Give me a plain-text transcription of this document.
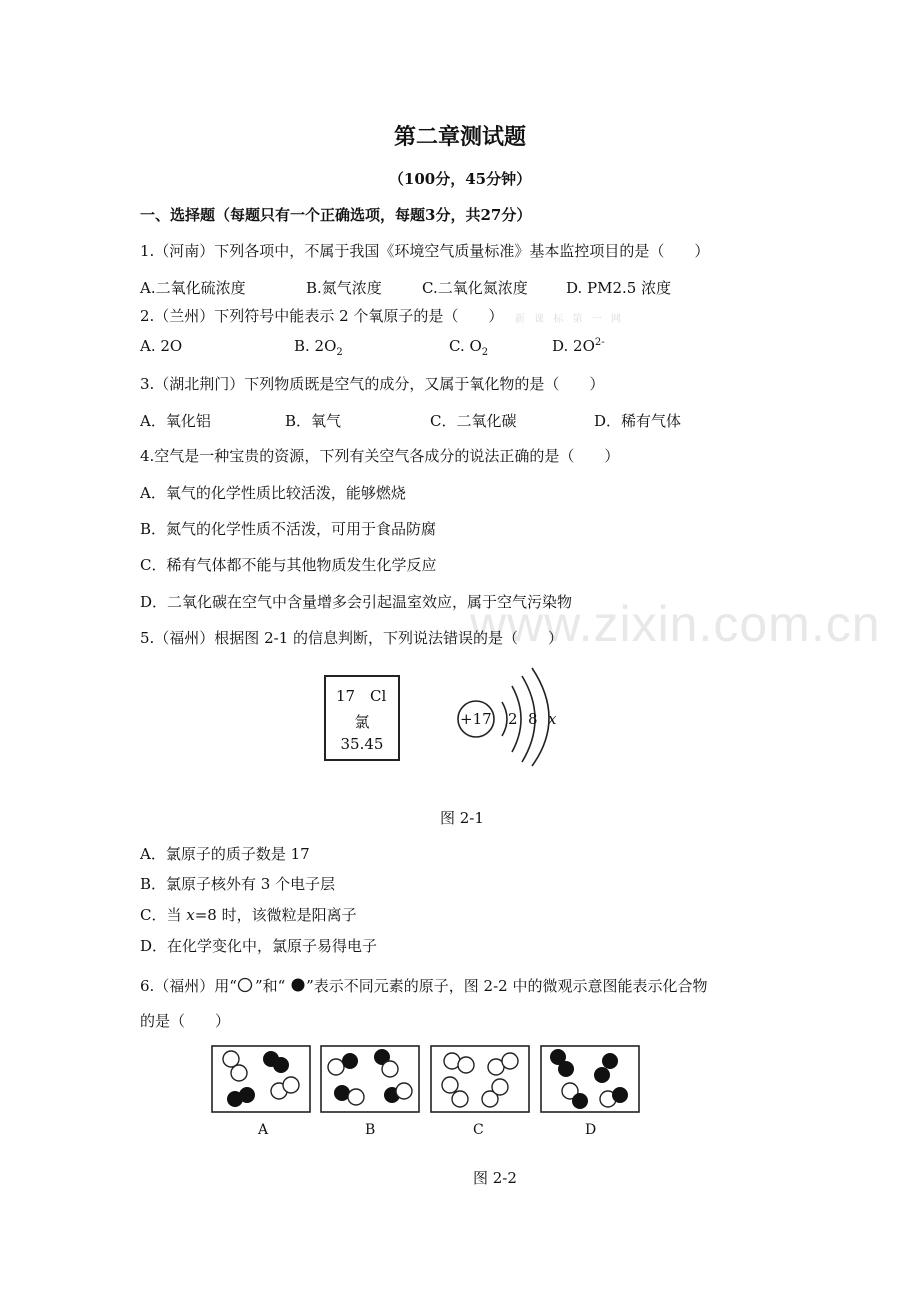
www.zixin.com.cn
新 课 标 第 一 网
第二章测试题
（100分，45分钟）
一、选择题（每题只有一个正确选项，每题3分，共27分）
1.（河南）下列各项中，不属于我国《环境空气质量标准》基本监控项目的是（　　）
A.二氧化硫浓度	B.氮气浓度	C.二氧化氮浓度	D. PM2.5 浓度
2.（兰州）下列符号中能表示 2 个氧原子的是（　　）
A. 2O	B. $2O_2$	C. $O_2$	D. $2O^{2-}$
3.（湖北荆门）下列物质既是空气的成分，又属于氧化物的是（　　）
A．氧化铝	B．氧气	C．二氧化碳	D．稀有气体
4.空气是一种宝贵的资源，下列有关空气各成分的说法正确的是（　　）
A．氧气的化学性质比较活泼，能够燃烧
B．氮气的化学性质不活泼，可用于食品防腐
C．稀有气体都不能与其他物质发生化学反应
D．二氧化碳在空气中含量增多会引起温室效应，属于空气污染物
5.（福州）根据图 2-1 的信息判断，下列说法错误的是（　　）
17 Cl
氯
35.45
+17 2 8 x
图 2-1
A．氯原子的质子数是 17
B．氯原子核外有 3 个电子层
C．当 x=8 时，该微粒是阳离子
D．在化学变化中，氯原子易得电子
6.（福州）用“ ”和“ ”表示不同元素的原子，图 2-2 中的微观示意图能表示化合物
的是（　　）
A	B	C	D
图 2-2
